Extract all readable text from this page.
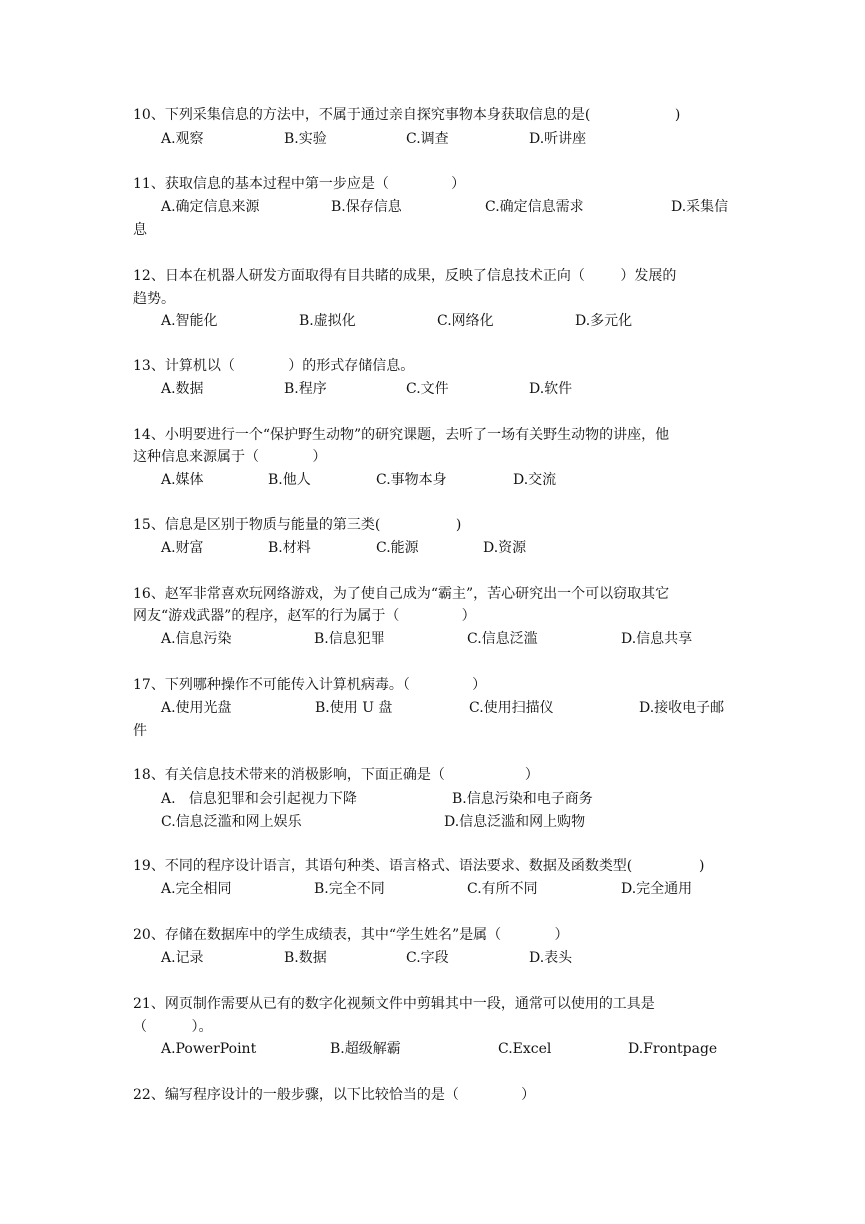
10、下列采集信息的方法中，不属于通过亲自探究事物本身获取信息的是(                   )
A.观察	B.实验	C.调查	D.听讲座
11、获取信息的基本过程中第一步应是（              ）
A.确定信息来源	B.保存信息	C.确定信息需求	D.采集信
息
12、日本在机器人研发方面取得有目共睹的成果，反映了信息技术正向（        ）发展的
趋势。
A.智能化	B.虚拟化	C.网络化	D.多元化
13、计算机以（            ）的形式存储信息。
A.数据	B.程序	C.文件	D.软件
14、小明要进行一个“保护野生动物”的研究课题，去听了一场有关野生动物的讲座，他
这种信息来源属于（            ）
A.媒体	B.他人	C.事物本身	D.交流
15、信息是区别于物质与能量的第三类(                 )
A.财富	B.材料	C.能源	D.资源
16、赵军非常喜欢玩网络游戏，为了使自己成为“霸主”，苦心研究出一个可以窃取其它
网友“游戏武器”的程序，赵军的行为属于（              ）
A.信息污染	B.信息犯罪	C.信息泛滥	D.信息共享
17、下列哪种操作不可能传入计算机病毒。（              ）
A.使用光盘	B.使用 U 盘	C.使用扫描仪	D.接收电子邮
件
18、有关信息技术带来的消极影响，下面正确是（                  ）
A.   信息犯罪和会引起视力下降	B.信息污染和电子商务
C.信息泛滥和网上娱乐	D.信息泛滥和网上购物
19、不同的程序设计语言，其语句种类、语言格式、语法要求、数据及函数类型(               )
A.完全相同	B.完全不同	C.有所不同	D.完全通用
20、存储在数据库中的学生成绩表，其中“学生姓名”是属（            ）
A.记录	B.数据	C.字段	D.表头
21、网页制作需要从已有的数字化视频文件中剪辑其中一段，通常可以使用的工具是
（          ）。
A.PowerPoint	B.超级解霸	C.Excel	D.Frontpage
22、编写程序设计的一般步骤，以下比较恰当的是（              ）
